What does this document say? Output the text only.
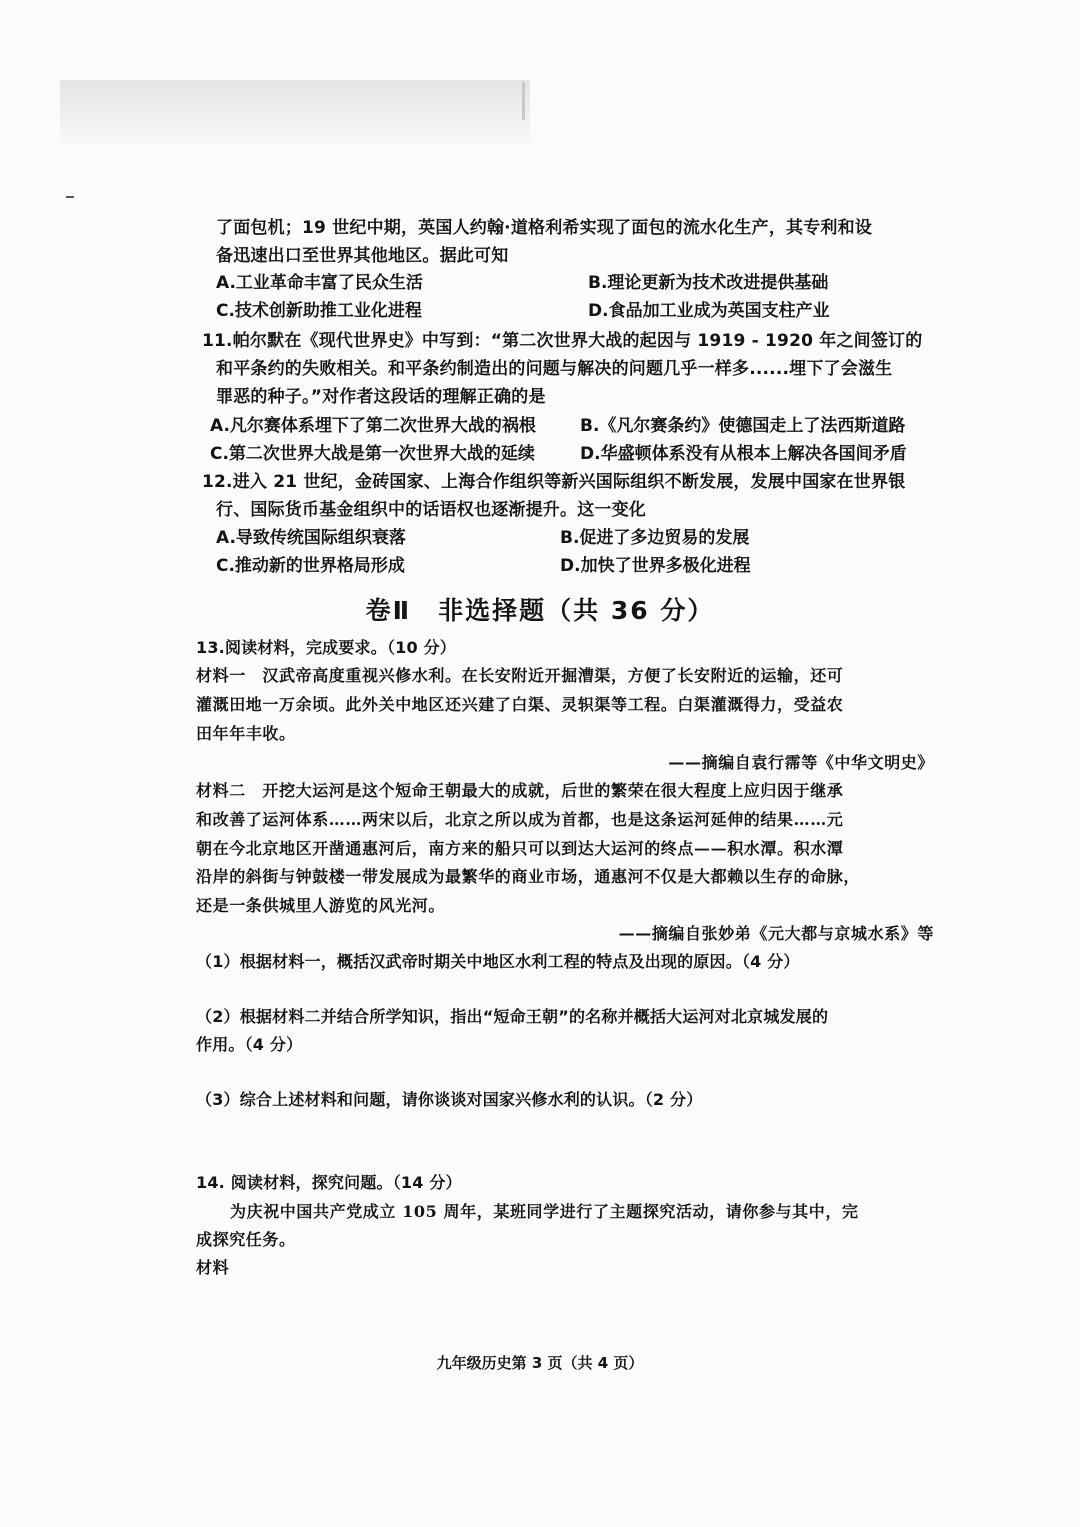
了面包机；19 世纪中期，英国人约翰·道格利希实现了面包的流水化生产，其专利和设
备迅速出口至世界其他地区。据此可知
A.工业革命丰富了民众生活	B.理论更新为技术改进提供基础
C.技术创新助推工业化进程	D.食品加工业成为英国支柱产业
11.帕尔默在《现代世界史》中写到：“第二次世界大战的起因与 1919 - 1920 年之间签订的
和平条约的失败相关。和平条约制造出的问题与解决的问题几乎一样多......埋下了会滋生
罪恶的种子。”对作者这段话的理解正确的是
A.凡尔赛体系埋下了第二次世界大战的祸根	B.《凡尔赛条约》使德国走上了法西斯道路
C.第二次世界大战是第一次世界大战的延续	D.华盛顿体系没有从根本上解决各国间矛盾
12.进入 21 世纪，金砖国家、上海合作组织等新兴国际组织不断发展，发展中国家在世界银
行、国际货币基金组织中的话语权也逐渐提升。这一变化
A.导致传统国际组织衰落	B.促进了多边贸易的发展
C.推动新的世界格局形成	D.加快了世界多极化进程
卷Ⅱ　非选择题（共 36 分）
13.阅读材料，完成要求。（10 分）
材料一　汉武帝高度重视兴修水利。在长安附近开掘漕渠，方便了长安附近的运输，还可
灌溉田地一万余顷。此外关中地区还兴建了白渠、灵轵渠等工程。白渠灌溉得力，受益农
田年年丰收。
——摘编自袁行霈等《中华文明史》
材料二　开挖大运河是这个短命王朝最大的成就，后世的繁荣在很大程度上应归因于继承
和改善了运河体系……两宋以后，北京之所以成为首都，也是这条运河延伸的结果……元
朝在今北京地区开凿通惠河后，南方来的船只可以到达大运河的终点——积水潭。积水潭
沿岸的斜街与钟鼓楼一带发展成为最繁华的商业市场，通惠河不仅是大都赖以生存的命脉，
还是一条供城里人游览的风光河。
——摘编自张妙弟《元大都与京城水系》等
（1）根据材料一，概括汉武帝时期关中地区水利工程的特点及出现的原因。（4 分）
（2）根据材料二并结合所学知识，指出“短命王朝”的名称并概括大运河对北京城发展的
作用。（4 分）
（3）综合上述材料和问题，请你谈谈对国家兴修水利的认识。（2 分）
14. 阅读材料，探究问题。（14 分）
为庆祝中国共产党成立 105 周年，某班同学进行了主题探究活动，请你参与其中，完
成探究任务。
材料
九年级历史第 3 页（共 4 页）
